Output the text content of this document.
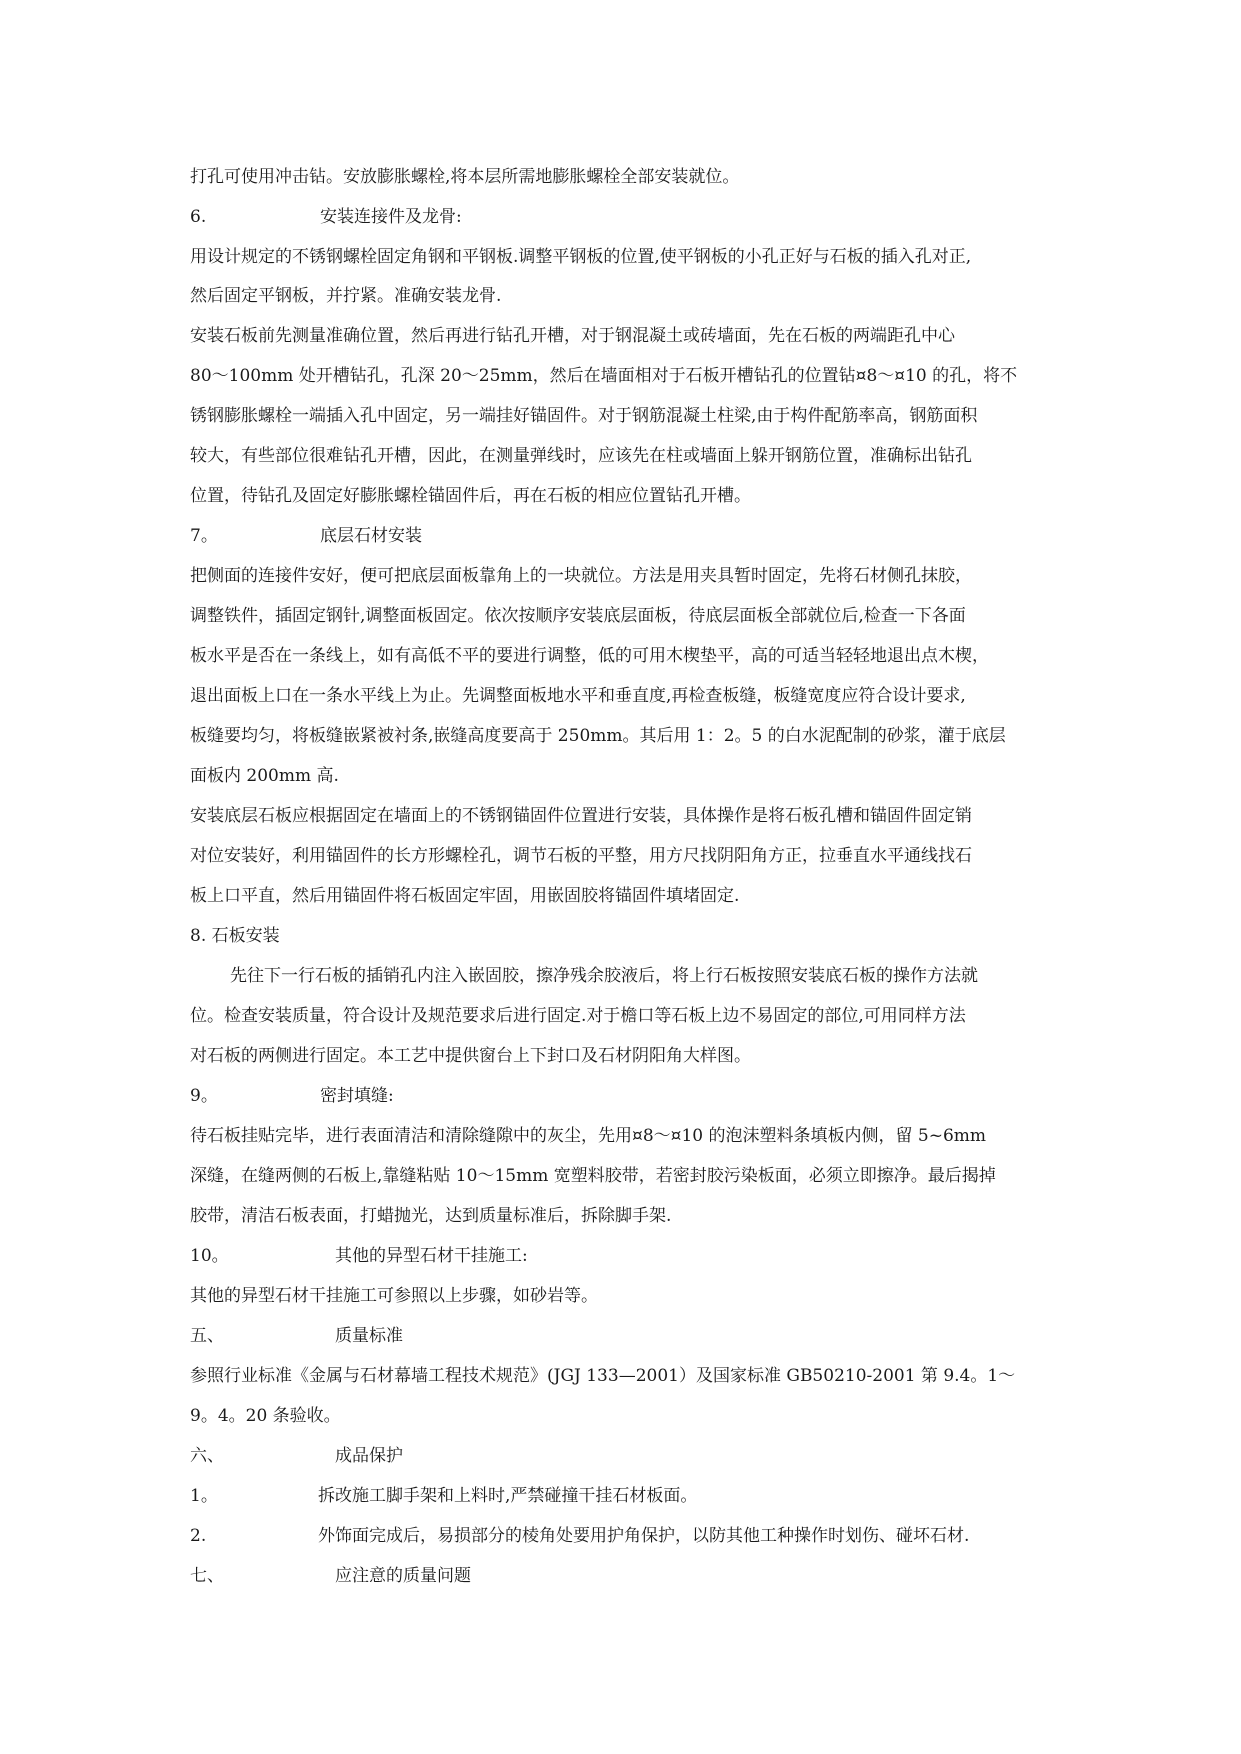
打孔可使用冲击钻。安放膨胀螺栓,将本层所需地膨胀螺栓全部安装就位。
6.	安装连接件及龙骨:
用设计规定的不锈钢螺栓固定角钢和平钢板.调整平钢板的位置,使平钢板的小孔正好与石板的插入孔对正,
然后固定平钢板，并拧紧。准确安装龙骨.
安装石板前先测量准确位置，然后再进行钻孔开槽，对于钢混凝土或砖墙面，先在石板的两端距孔中心
80～100mm 处开槽钻孔，孔深 20～25mm，然后在墙面相对于石板开槽钻孔的位置钻¤8～¤10 的孔，将不
锈钢膨胀螺栓一端插入孔中固定，另一端挂好锚固件。对于钢筋混凝土柱梁,由于构件配筋率高，钢筋面积
较大，有些部位很难钻孔开槽，因此，在测量弹线时，应该先在柱或墙面上躲开钢筋位置，准确标出钻孔
位置，待钻孔及固定好膨胀螺栓锚固件后，再在石板的相应位置钻孔开槽。
7。	底层石材安装
把侧面的连接件安好，便可把底层面板靠角上的一块就位。方法是用夹具暂时固定，先将石材侧孔抹胶，
调整铁件，插固定钢针,调整面板固定。依次按顺序安装底层面板，待底层面板全部就位后,检查一下各面
板水平是否在一条线上，如有高低不平的要进行调整，低的可用木楔垫平，高的可适当轻轻地退出点木楔，
退出面板上口在一条水平线上为止。先调整面板地水平和垂直度,再检查板缝，板缝宽度应符合设计要求,
板缝要均匀，将板缝嵌紧被衬条,嵌缝高度要高于 250mm。其后用 1：2。5 的白水泥配制的砂浆，灌于底层
面板内 200mm 高.
安装底层石板应根据固定在墙面上的不锈钢锚固件位置进行安装，具体操作是将石板孔槽和锚固件固定销
对位安装好，利用锚固件的长方形螺栓孔，调节石板的平整，用方尺找阴阳角方正，拉垂直水平通线找石
板上口平直，然后用锚固件将石板固定牢固，用嵌固胶将锚固件填堵固定.
8. 石板安装
先往下一行石板的插销孔内注入嵌固胶，擦净残余胶液后，将上行石板按照安装底石板的操作方法就
位。检查安装质量，符合设计及规范要求后进行固定.对于檐口等石板上边不易固定的部位,可用同样方法
对石板的两侧进行固定。本工艺中提供窗台上下封口及石材阴阳角大样图。
9。	密封填缝:
待石板挂贴完毕，进行表面清洁和清除缝隙中的灰尘，先用¤8～¤10 的泡沫塑料条填板内侧，留 5~6mm
深缝，在缝两侧的石板上,靠缝粘贴 10～15mm 宽塑料胶带，若密封胶污染板面，必须立即擦净。最后揭掉
胶带，清洁石板表面，打蜡抛光，达到质量标准后，拆除脚手架.
10。	其他的异型石材干挂施工:
其他的异型石材干挂施工可参照以上步骤，如砂岩等。
五、	质量标准
参照行业标准《金属与石材幕墙工程技术规范》(JGJ 133—2001）及国家标准 GB50210-2001 第 9.4。1～
9。4。20 条验收。
六、	成品保护
1。	拆改施工脚手架和上料时,严禁碰撞干挂石材板面。
2.	外饰面完成后，易损部分的棱角处要用护角保护，以防其他工种操作时划伤、碰坏石材.
七、	应注意的质量问题
